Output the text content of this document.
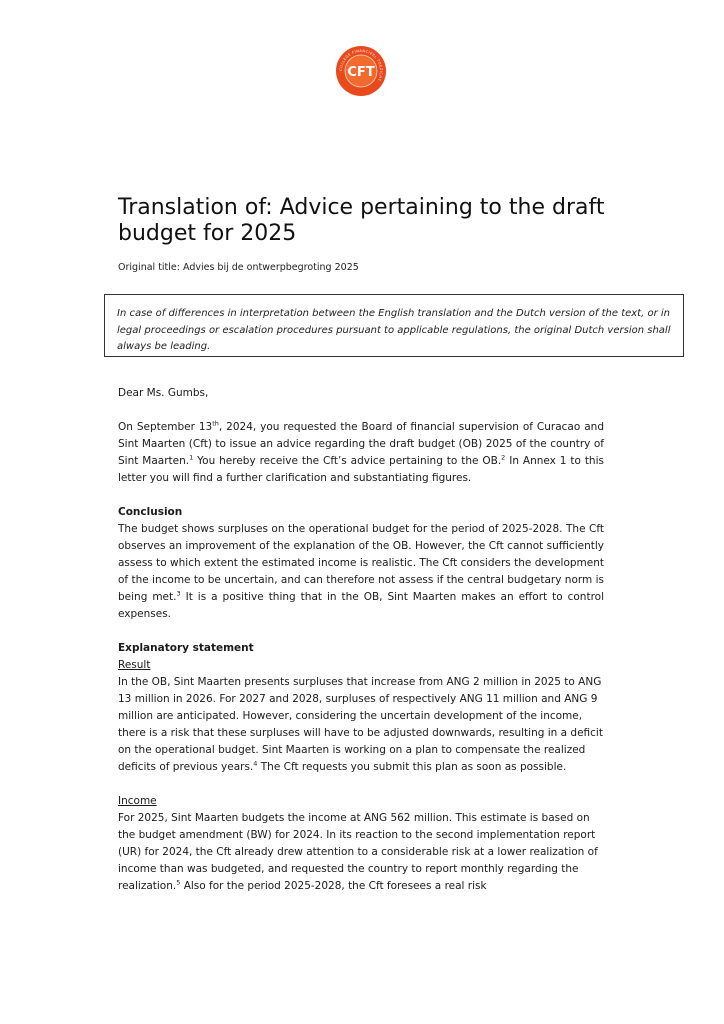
COLLEGE FINANCIEEL TOEZICHT
CFT
Translation of: Advice pertaining to the draft budget for 2025
Original title: Advies bij de ontwerpbegroting 2025
In case of differences in interpretation between the English translation and the Dutch version of the text, or in legal proceedings or escalation procedures pursuant to applicable regulations, the original Dutch version shall always be leading.

Dear Ms. Gumbs,

On September 13th, 2024, you requested the Board of financial supervision of Curacao and Sint Maarten (Cft) to issue an advice regarding the draft budget (OB) 2025 of the country of Sint Maarten.$^1$ You hereby receive the Cft’s advice pertaining to the OB.$^2$ In Annex 1 to this letter you will find a further clarification and substantiating figures.

Conclusion

The budget shows surpluses on the operational budget for the period of 2025-2028. The Cft observes an improvement of the explanation of the OB. However, the Cft cannot sufficiently assess to which extent the estimated income is realistic. The Cft considers the development of the income to be uncertain, and can therefore not assess if the central budgetary norm is being met.$^3$ It is a positive thing that in the OB, Sint Maarten makes an effort to control expenses.

Explanatory statement

Result

In the OB, Sint Maarten presents surpluses that increase from ANG 2 million in 2025 to ANG 13 million in 2026. For 2027 and 2028, surpluses of respectively ANG 11 million and ANG 9 million are anticipated. However, considering the uncertain development of the income, there is a risk that these surpluses will have to be adjusted downwards, resulting in a deficit on the operational budget. Sint Maarten is working on a plan to compensate the realized deficits of previous years.$^4$ The Cft requests you submit this plan as soon as possible.

Income

For 2025, Sint Maarten budgets the income at ANG 562 million. This estimate is based on the budget amendment (BW) for 2024. In its reaction to the second implementation report (UR) for 2024, the Cft already drew attention to a considerable risk at a lower realization of income than was budgeted, and requested the country to report monthly regarding the realization.$^5$ Also for the period 2025-2028, the Cft foresees a real risk
